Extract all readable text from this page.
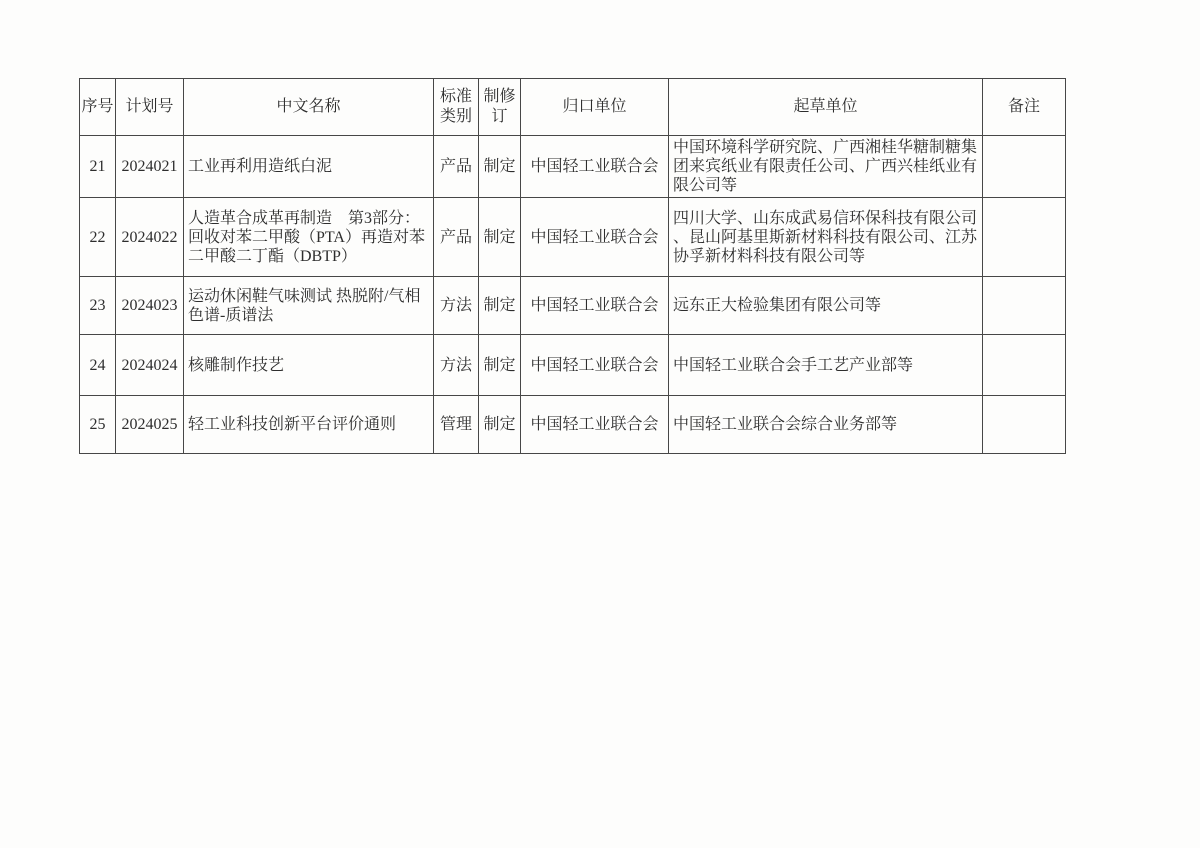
序号	计划号	中文名称	标准类别	制修订	归口单位	起草单位	备注
21	2024021	工业再利用造纸白泥	产品	制定	中国轻工业联合会	中国环境科学研究院、广西湘桂华糖制糖集团来宾纸业有限责任公司、广西兴桂纸业有限公司等	
22	2024022	人造革合成革再制造　第3部分：回收对苯二甲酸（PTA）再造对苯二甲酸二丁酯（DBTP）	产品	制定	中国轻工业联合会	四川大学、山东成武易信环保科技有限公司、昆山阿基里斯新材料科技有限公司、江苏协孚新材料科技有限公司等	
23	2024023	运动休闲鞋气味测试 热脱附/气相色谱-质谱法	方法	制定	中国轻工业联合会	远东正大检验集团有限公司等	
24	2024024	核雕制作技艺	方法	制定	中国轻工业联合会	中国轻工业联合会手工艺产业部等	
25	2024025	轻工业科技创新平台评价通则	管理	制定	中国轻工业联合会	中国轻工业联合会综合业务部等	
